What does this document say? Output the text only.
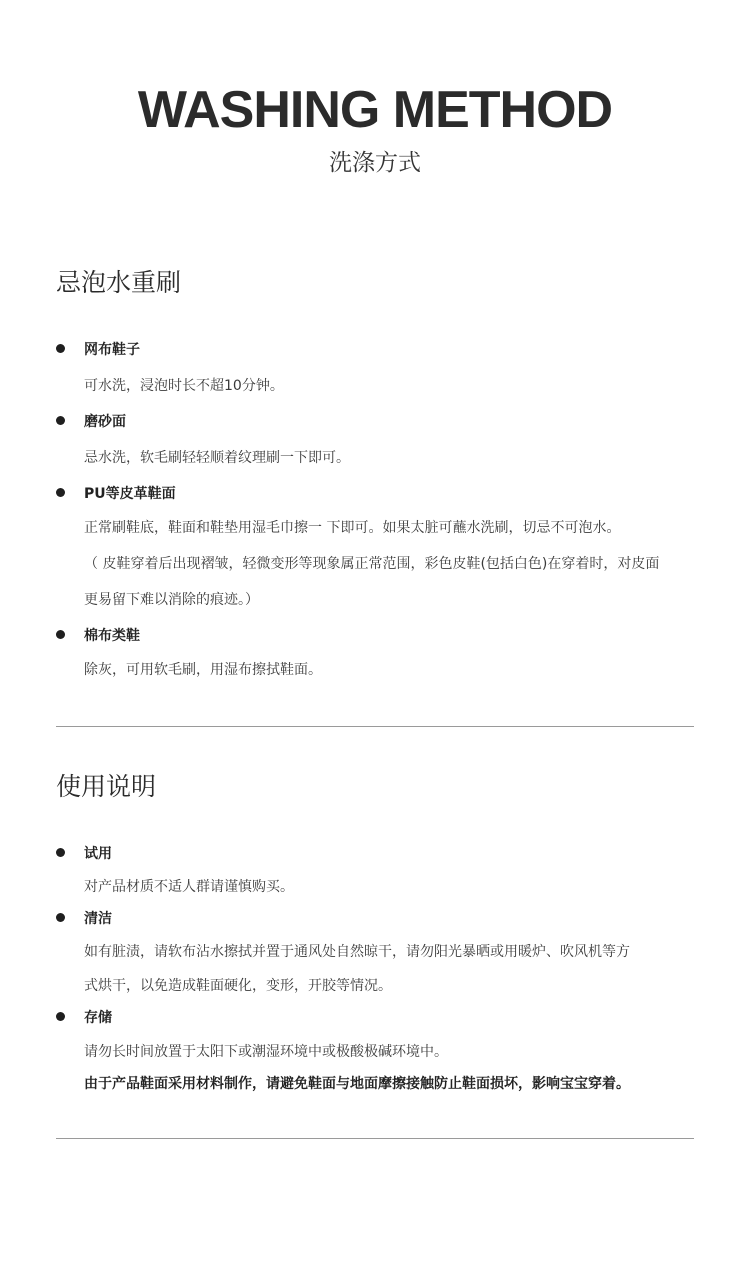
WASHING METHOD
洗涤方式
忌泡水重刷
网布鞋子
可水洗，浸泡时长不超10分钟。
磨砂面
忌水洗，软毛刷轻轻顺着纹理刷一下即可。
PU等皮革鞋面
正常刷鞋底，鞋面和鞋垫用湿毛巾擦一 下即可。如果太脏可蘸水洗刷，切忌不可泡水。
（ 皮鞋穿着后出现褶皱，轻微变形等现象属正常范围，彩色皮鞋(包括白色)在穿着时，对皮面
更易留下难以消除的痕迹。）
棉布类鞋
除灰，可用软毛刷，用湿布擦拭鞋面。
使用说明
试用
对产品材质不适人群请谨慎购买。
清洁
如有脏渍，请软布沾水擦拭并置于通风处自然晾干，请勿阳光暴晒或用暖炉、吹风机等方
式烘干，以免造成鞋面硬化，变形，开胶等情况。
存储
请勿长时间放置于太阳下或潮湿环境中或极酸极碱环境中。
由于产品鞋面采用材料制作，请避免鞋面与地面摩擦接触防止鞋面损坏，影响宝宝穿着。
